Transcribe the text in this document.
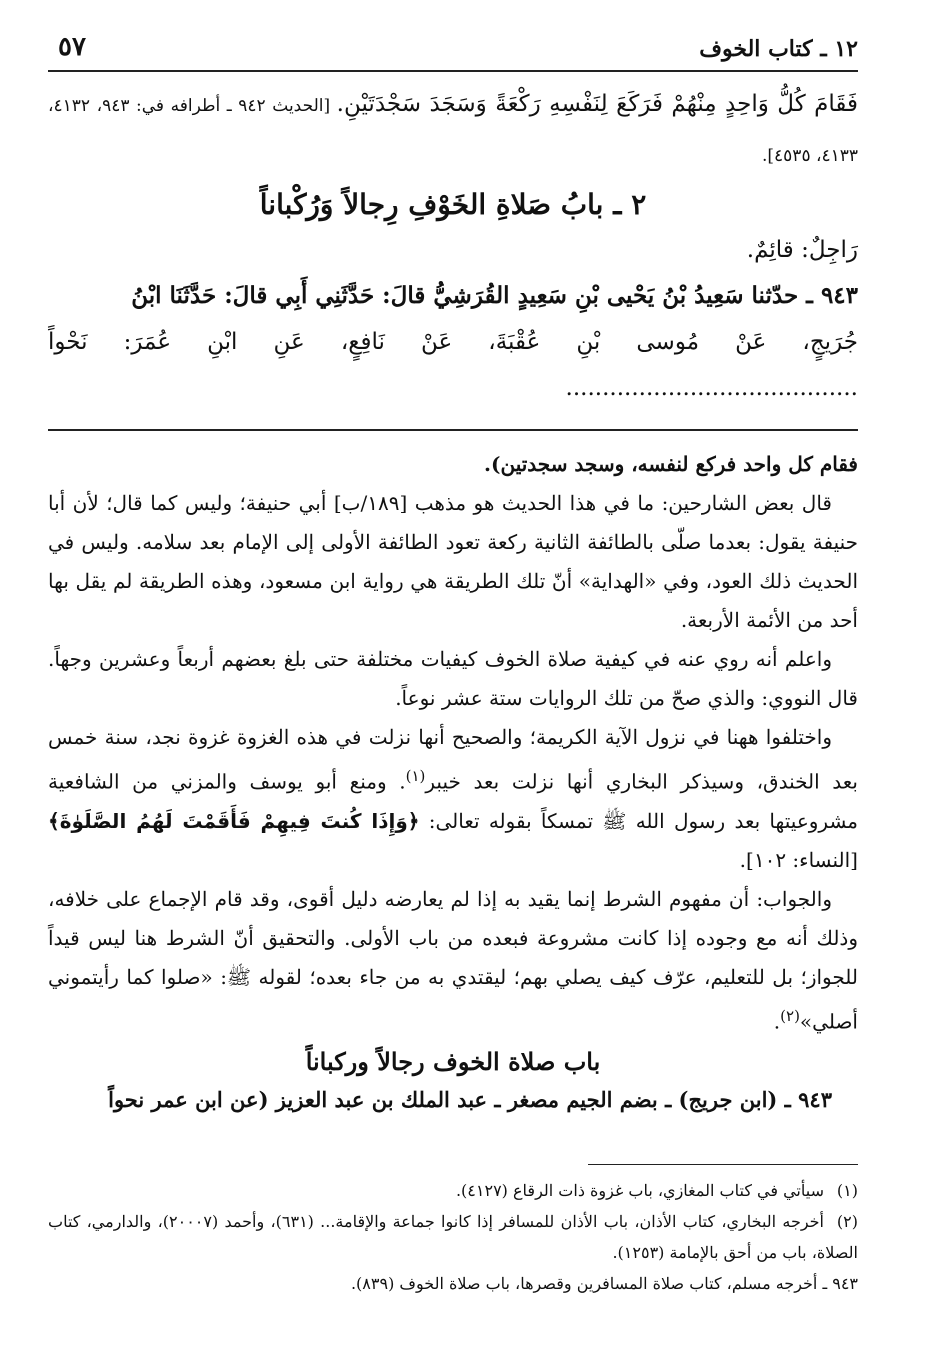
١٢ ـ كتاب الخوف
٥٧
فَقَامَ كُلُّ وَاحِدٍ مِنْهُمْ فَرَكَعَ لِنَفْسِهِ رَكْعَةً وَسَجَدَ سَجْدَتَيْنِ. [الحديث ٩٤٢ ـ أطرافه في: ٩٤٣، ٤١٣٢، ٤١٣٣، ٤٥٣٥].
٢ ـ بابُ صَلاةِ الخَوْفِ رِجالاً وَرُكْباناً
رَاجِلٌ: قائِمٌ.
٩٤٣ ـ حدّثنا سَعِيدُ بْنُ يَحْيى بْنِ سَعِيدٍ القُرَشِيُّ قالَ: حَدَّثَنِي أَبِي قالَ: حَدَّثَنَا ابْنُ
جُرَيجٍ، عَنْ مُوسى بْنِ عُقْبَةَ، عَنْ نَافِعٍ، عَنِ ابْنِ عُمَرَ: نَحْواً ........................................

فقام كل واحد فركع لنفسه، وسجد سجدتين).

قال بعض الشارحين: ما في هذا الحديث هو مذهب [١٨٩/ب] أبي حنيفة؛ وليس كما قال؛ لأن أبا حنيفة يقول: بعدما صلّى بالطائفة الثانية ركعة تعود الطائفة الأولى إلى الإمام بعد سلامه. وليس في الحديث ذلك العود، وفي «الهداية» أنّ تلك الطريقة هي رواية ابن مسعود، وهذه الطريقة لم يقل بها أحد من الأئمة الأربعة.

واعلم أنه روي عنه في كيفية صلاة الخوف كيفيات مختلفة حتى بلغ بعضهم أربعاً وعشرين وجهاً. قال النووي: والذي صحّ من تلك الروايات ستة عشر نوعاً.

واختلفوا ههنا في نزول الآية الكريمة؛ والصحيح أنها نزلت في هذه الغزوة غزوة نجد، سنة خمس بعد الخندق، وسيذكر البخاري أنها نزلت بعد خيبر$^{(١)}$. ومنع أبو يوسف والمزني من الشافعية مشروعيتها بعد رسول الله ﷺ تمسكاً بقوله تعالى: ﴿وَإِذَا كُنتَ فِيهِمْ فَأَقَمْتَ لَهُمُ الصَّلَوٰةَ﴾ [النساء: ١٠٢].

والجواب: أن مفهوم الشرط إنما يقيد به إذا لم يعارضه دليل أقوى، وقد قام الإجماع على خلافه، وذلك أنه مع وجوده إذا كانت مشروعة فبعده من باب الأولى. والتحقيق أنّ الشرط هنا ليس قيداً للجواز؛ بل للتعليم، عرّف كيف يصلي بهم؛ ليقتدي به من جاء بعده؛ لقوله ﷺ: «صلوا كما رأيتموني أصلي»$^{(٢)}$.

باب صلاة الخوف رجالاً وركباناً
٩٤٣ ـ (ابن جريج) ـ بضم الجيم مصغر ـ عبد الملك بن عبد العزيز (عن ابن عمر نحواً

(١)سيأتي في كتاب المغازي، باب غزوة ذات الرقاع (٤١٢٧).

(٢)أخرجه البخاري، كتاب الأذان، باب الأذان للمسافر إذا كانوا جماعة والإقامة... (٦٣١)، وأحمد (٢٠٠٠٧)، والدارمي، كتاب الصلاة، باب من أحق بالإمامة (١٢٥٣).

٩٤٣ ـ أخرجه مسلم، كتاب صلاة المسافرين وقصرها، باب صلاة الخوف (٨٣٩).
